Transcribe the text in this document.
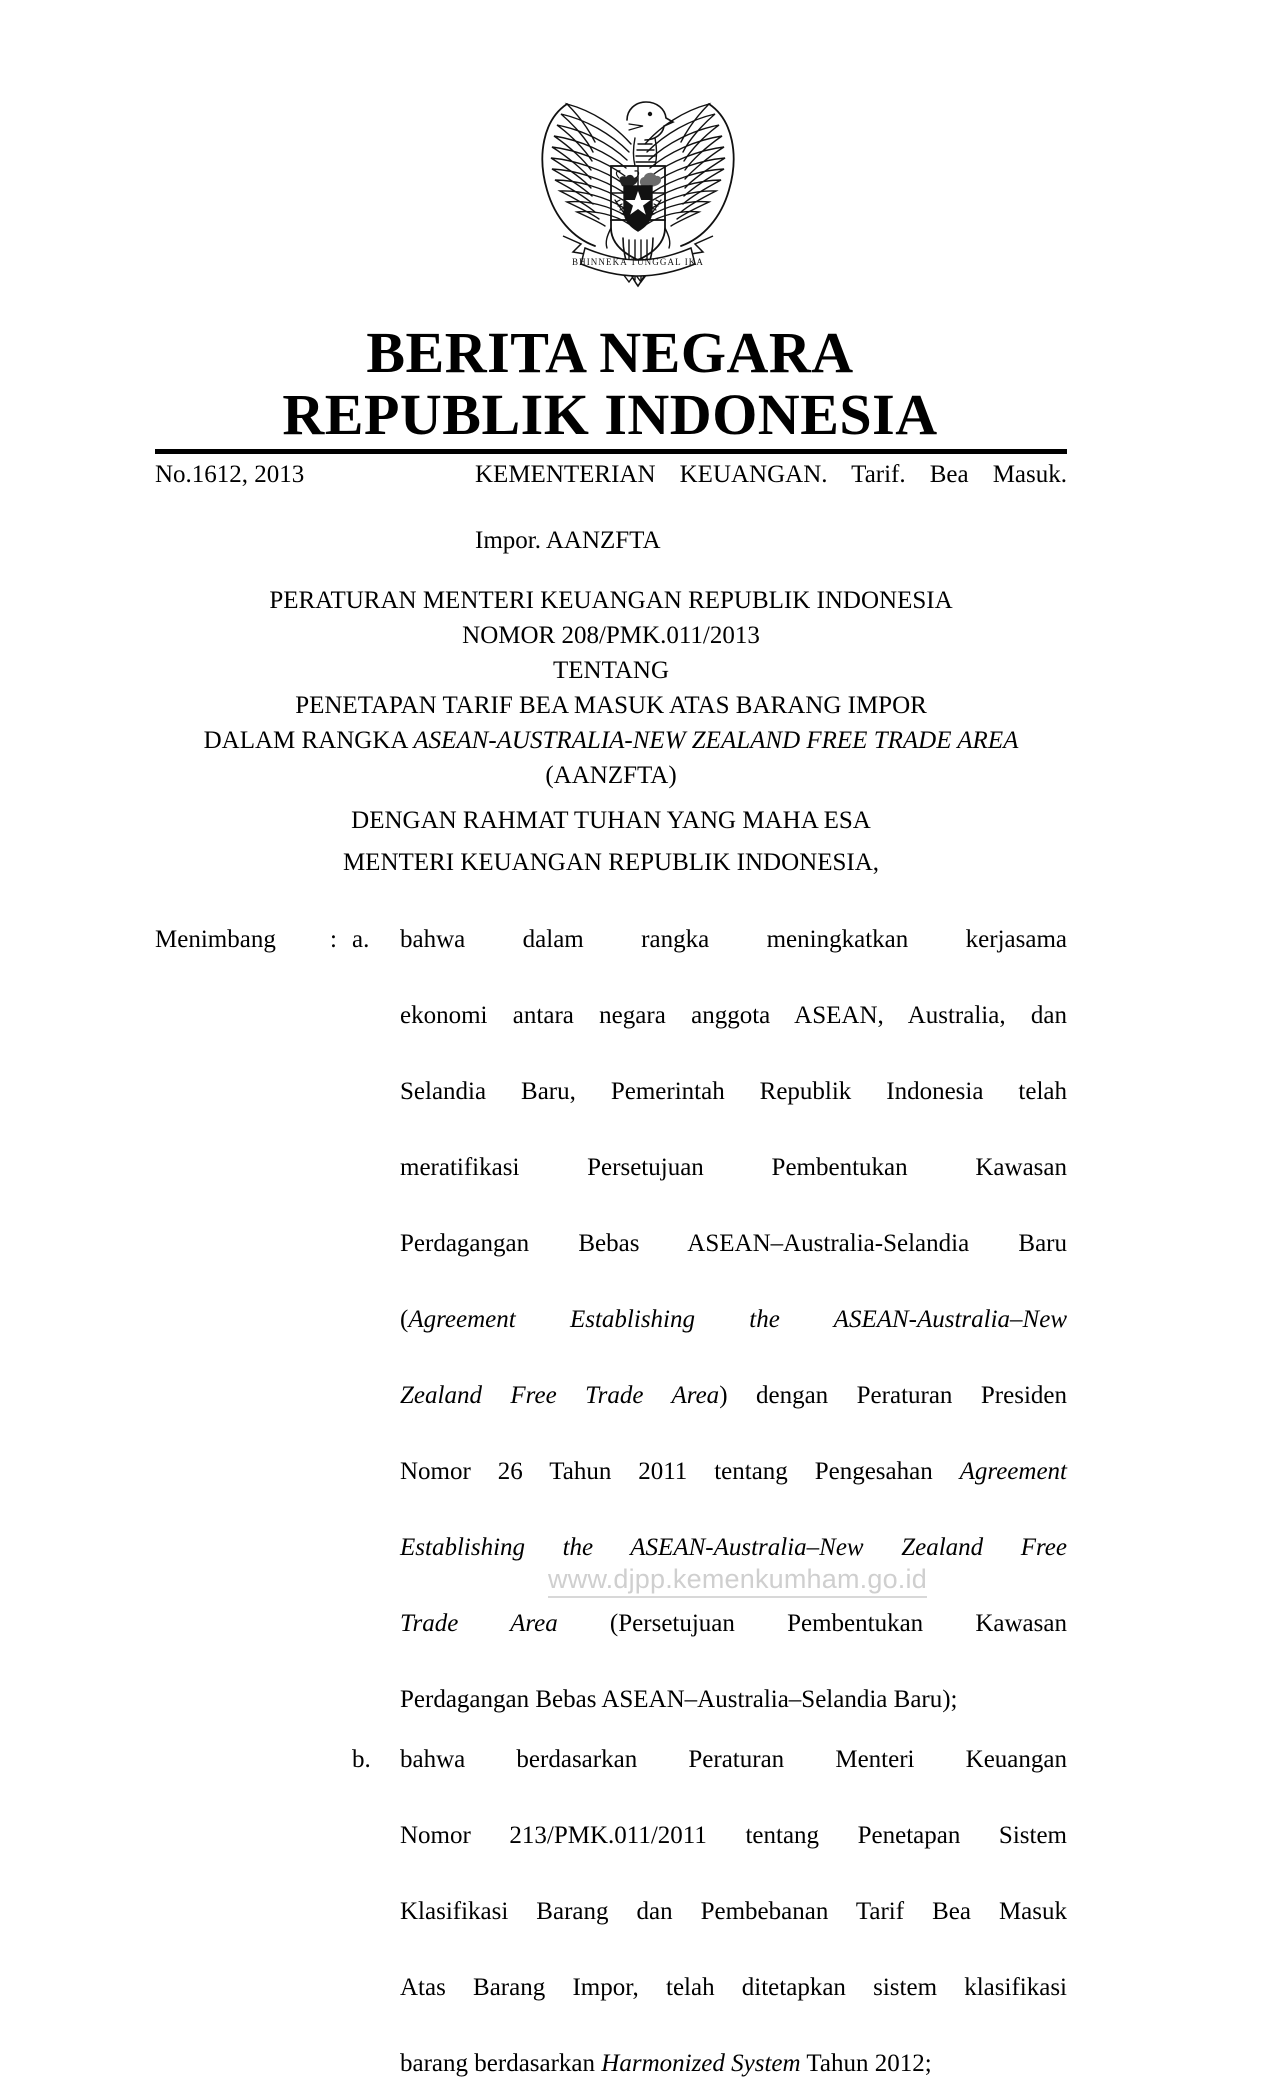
BHINNEKA TUNGGAL IKA
BERITA NEGARA
REPUBLIK INDONESIA
No.1612, 2013	KEMENTERIAN KEUANGAN. Tarif. Bea Masuk.
Impor. AANZFTA
PERATURAN MENTERI KEUANGAN REPUBLIK INDONESIA
NOMOR 208/PMK.011/2013
TENTANG
PENETAPAN TARIF BEA MASUK ATAS BARANG IMPOR
DALAM RANGKA ASEAN-AUSTRALIA-NEW ZEALAND FREE TRADE AREA
(AANZFTA)
DENGAN RAHMAT TUHAN YANG MAHA ESA
MENTERI KEUANGAN REPUBLIK INDONESIA,
Menimbang	: a.	bahwa dalam rangka meningkatkan kerjasama
ekonomi antara negara anggota ASEAN, Australia, dan
Selandia Baru, Pemerintah Republik Indonesia telah
meratifikasi Persetujuan Pembentukan Kawasan
Perdagangan Bebas ASEAN–Australia-Selandia Baru
(Agreement Establishing the ASEAN-Australia–New
Zealand Free Trade Area) dengan Peraturan Presiden
Nomor 26 Tahun 2011 tentang Pengesahan Agreement
Establishing the ASEAN-Australia–New Zealand Free
Trade Area (Persetujuan Pembentukan Kawasan
Perdagangan Bebas ASEAN–Australia–Selandia Baru);
b.	bahwa berdasarkan Peraturan Menteri Keuangan
Nomor 213/PMK.011/2011 tentang Penetapan Sistem
Klasifikasi Barang dan Pembebanan Tarif Bea Masuk
Atas Barang Impor, telah ditetapkan sistem klasifikasi
barang berdasarkan Harmonized System Tahun 2012;
www.djpp.kemenkumham.go.id
